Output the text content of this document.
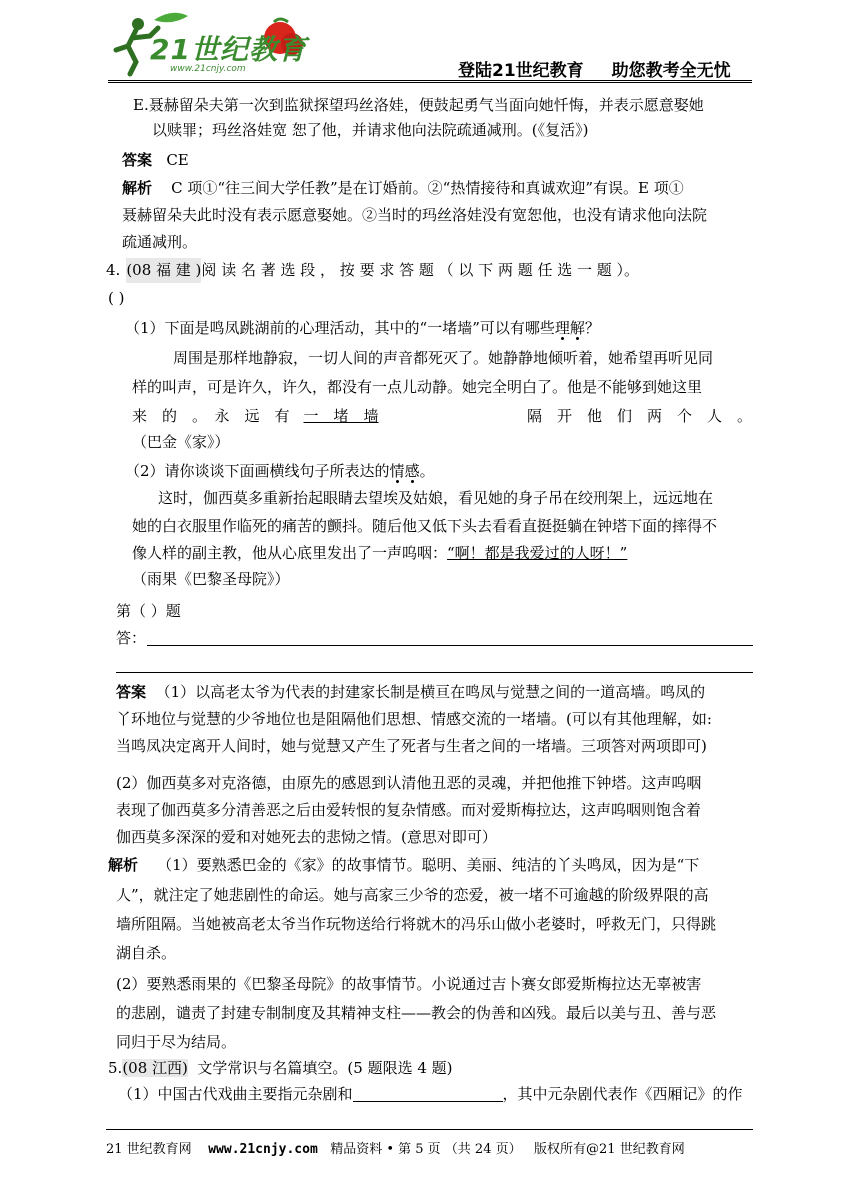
21世纪教育
www.21cnjy.com	登陆21世纪教育 助您教考全无忧
E.聂赫留朵夫第一次到监狱探望玛丝洛娃，便鼓起勇气当面向她忏悔，并表示愿意娶她
以赎罪；玛丝洛娃宽 恕了他，并请求他向法院疏通减刑。(《复活》)
答案 CE
解析 C 项①“往三间大学任教”是在订婚前。②“热情接待和真诚欢迎”有误。E 项①
聂赫留朵夫此时没有表示愿意娶她。②当时的玛丝洛娃没有宽恕他，也没有请求他向法院
疏通减刑。
4. (08 福 建 ) 阅 读 名 著 选 段 ， 按 要 求 答 题 （ 以 下 两 题 任 选 一 题 ）。
( )
（1）下面是鸣凤跳湖前的心理活动，其中的“一堵墙”可以有哪些理解？
周围是那样地静寂，一切人间的声音都死灭了。她静静地倾听着，她希望再听见同
样的叫声，可是许久，许久，都没有一点儿动静。她完全明白了。他是不能够到她这里
来　的　。　永　远　有 一　堵　墙	隔　开　他　们　两　个　人　。
（巴金《家》）
（2）请你谈谈下面画横线句子所表达的情感。
这时，伽西莫多重新抬起眼睛去望埃及姑娘，看见她的身子吊在绞刑架上，远远地在
她的白衣服里作临死的痛苦的颤抖。随后他又低下头去看看直挺挺躺在钟塔下面的摔得不
像人样的副主教，他从心底里发出了一声呜咽：“啊！都是我爱过的人呀！”
（雨果《巴黎圣母院》）
第（ ）题
答：
答案 （1）以高老太爷为代表的封建家长制是横亘在鸣凤与觉慧之间的一道高墙。鸣凤的
丫环地位与觉慧的少爷地位也是阻隔他们思想、情感交流的一堵墙。(可以有其他理解，如:
当鸣凤决定离开人间时，她与觉慧又产生了死者与生者之间的一堵墙。三项答对两项即可)
(2）伽西莫多对克洛德，由原先的感恩到认清他丑恶的灵魂，并把他推下钟塔。这声呜咽
表现了伽西莫多分清善恶之后由爱转恨的复杂情感。而对爱斯梅拉达，这声呜咽则饱含着
伽西莫多深深的爱和对她死去的悲恸之情。(意思对即可）
解析 （1）要熟悉巴金的《家》的故事情节。聪明、美丽、纯洁的丫头鸣凤，因为是“下
人”，就注定了她悲剧性的命运。她与高家三少爷的恋爱，被一堵不可逾越的阶级界限的高
墙所阻隔。当她被高老太爷当作玩物送给行将就木的冯乐山做小老婆时，呼救无门，只得跳
湖自杀。
(2）要熟悉雨果的《巴黎圣母院》的故事情节。小说通过吉卜赛女郎爱斯梅拉达无辜被害
的悲剧，谴责了封建专制制度及其精神支柱——教会的伪善和凶残。最后以美与丑、善与恶
同归于尽为结局。
5.(08 江西) 文学常识与名篇填空。(5 题限选 4 题)
（1）中国古代戏曲主要指元杂剧和	，其中元杂剧代表作《西厢记》的作
21 世纪教育网 www.21cnjy.com 精品资料 • 第 5 页 （共 24 页） 版权所有@21 世纪教育网
